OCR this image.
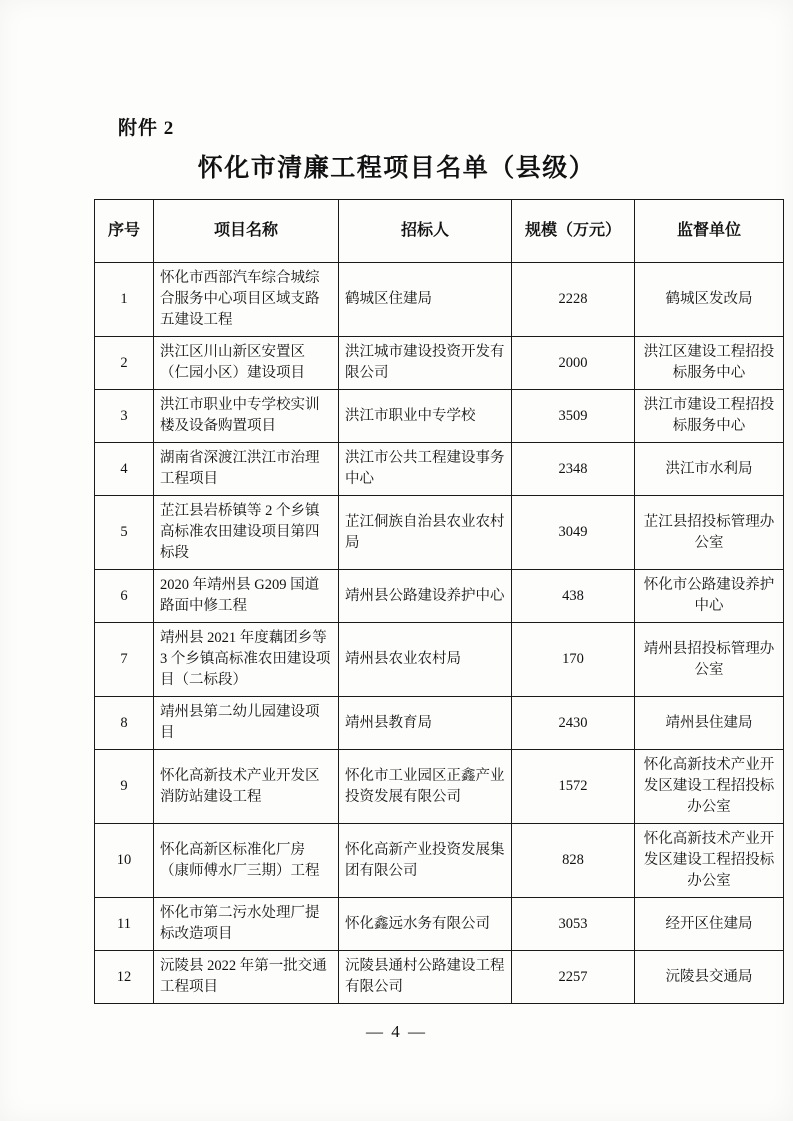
附件 2
怀化市清廉工程项目名单（县级）
序号	项目名称	招标人	规模（万元）	监督单位
1	怀化市西部汽车综合城综合服务中心项目区域支路五建设工程	鹤城区住建局	2228	鹤城区发改局
2	洪江区川山新区安置区（仁园小区）建设项目	洪江城市建设投资开发有限公司	2000	洪江区建设工程招投标服务中心
3	洪江市职业中专学校实训楼及设备购置项目	洪江市职业中专学校	3509	洪江市建设工程招投标服务中心
4	湖南省深渡江洪江市治理工程项目	洪江市公共工程建设事务中心	2348	洪江市水利局
5	芷江县岩桥镇等 2 个乡镇高标准农田建设项目第四标段	芷江侗族自治县农业农村局	3049	芷江县招投标管理办公室
6	2020 年靖州县 G209 国道路面中修工程	靖州县公路建设养护中心	438	怀化市公路建设养护中心
7	靖州县 2021 年度藕团乡等 3 个乡镇高标准农田建设项目（二标段）	靖州县农业农村局	170	靖州县招投标管理办公室
8	靖州县第二幼儿园建设项目	靖州县教育局	2430	靖州县住建局
9	怀化高新技术产业开发区消防站建设工程	怀化市工业园区正鑫产业投资发展有限公司	1572	怀化高新技术产业开发区建设工程招投标办公室
10	怀化高新区标准化厂房（康师傅水厂三期）工程	怀化高新产业投资发展集团有限公司	828	怀化高新技术产业开发区建设工程招投标办公室
11	怀化市第二污水处理厂提标改造项目	怀化鑫远水务有限公司	3053	经开区住建局
12	沅陵县 2022 年第一批交通工程项目	沅陵县通村公路建设工程有限公司	2257	沅陵县交通局
— 4 —
